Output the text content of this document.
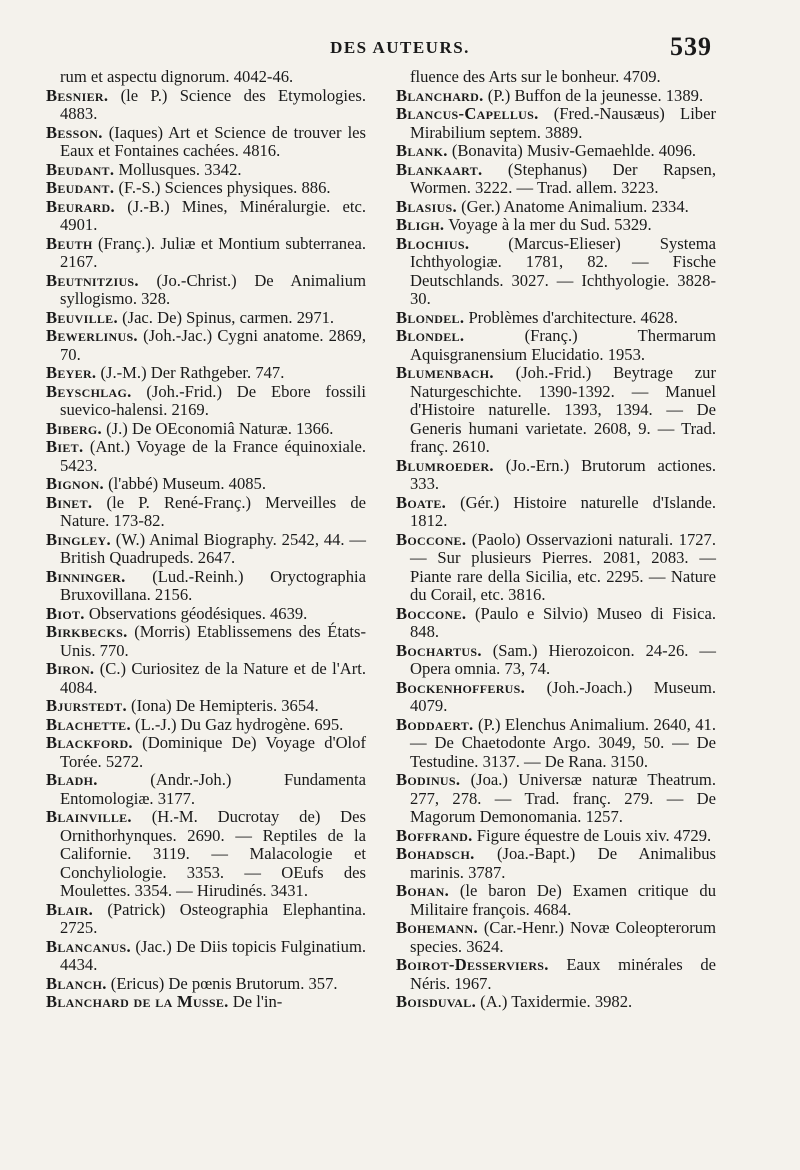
DES AUTEURS.	539
rum et aspectu dignorum. 4042-46.
Besnier. (le P.) Science des Etymologies. 4883.
Besson. (Iaques) Art et Science de trouver les Eaux et Fontaines cachées. 4816.
Beudant. Mollusques. 3342.
Beudant. (F.-S.) Sciences physiques. 886.
Beurard. (J.-B.) Mines, Minéralurgie. etc. 4901.
Beuth (Franç.). Juliæ et Montium subterranea. 2167.
Beutnitzius. (Jo.-Christ.) De Animalium syllogismo. 328.
Beuville. (Jac. De) Spinus, carmen. 2971.
Bewerlinus. (Joh.-Jac.) Cygni anatome. 2869, 70.
Beyer. (J.-M.) Der Rathgeber. 747.
Beyschlag. (Joh.-Frid.) De Ebore fossili suevico-halensi. 2169.
Biberg. (J.) De OEconomiâ Naturæ. 1366.
Biet. (Ant.) Voyage de la France équinoxiale. 5423.
Bignon. (l'abbé) Museum. 4085.
Binet. (le P. René-Franç.) Merveilles de Nature. 173-82.
Bingley. (W.) Animal Biography. 2542, 44. — British Quadrupeds. 2647.
Binninger. (Lud.-Reinh.) Oryctographia Bruxovillana. 2156.
Biot. Observations géodésiques. 4639.
Birkbecks. (Morris) Etablissemens des États-Unis. 770.
Biron. (C.) Curiositez de la Nature et de l'Art. 4084.
Bjurstedt. (Iona) De Hemipteris. 3654.
Blachette. (L.-J.) Du Gaz hydrogène. 695.
Blackford. (Dominique De) Voyage d'Olof Torée. 5272.
Bladh. (Andr.-Joh.) Fundamenta Entomologiæ. 3177.
Blainville. (H.-M. Ducrotay de) Des Ornithorhynques. 2690. — Reptiles de la Californie. 3119. — Malacologie et Conchyliologie. 3353. — OEufs des Moulettes. 3354. — Hirudinés. 3431.
Blair. (Patrick) Osteographia Elephantina. 2725.
Blancanus. (Jac.) De Diis topicis Fulginatium. 4434.
Blanch. (Ericus) De pœnis Brutorum. 357.
Blanchard de la Musse. De l'in-
fluence des Arts sur le bonheur. 4709.
Blanchard. (P.) Buffon de la jeunesse. 1389.
Blancus-Capellus. (Fred.-Nausæus) Liber Mirabilium septem. 3889.
Blank. (Bonavita) Musiv-Gemaehlde. 4096.
Blankaart. (Stephanus) Der Rapsen, Wormen. 3222. — Trad. allem. 3223.
Blasius. (Ger.) Anatome Animalium. 2334.
Bligh. Voyage à la mer du Sud. 5329.
Blochius. (Marcus-Elieser) Systema Ichthyologiæ. 1781, 82. — Fische Deutschlands. 3027. — Ichthyologie. 3828-30.
Blondel. Problèmes d'architecture. 4628.
Blondel. (Franç.) Thermarum Aquisgranensium Elucidatio. 1953.
Blumenbach. (Joh.-Frid.) Beytrage zur Naturgeschichte. 1390-1392. — Manuel d'Histoire naturelle. 1393, 1394. — De Generis humani varietate. 2608, 9. — Trad. franç. 2610.
Blumroeder. (Jo.-Ern.) Brutorum actiones. 333.
Boate. (Gér.) Histoire naturelle d'Islande. 1812.
Boccone. (Paolo) Osservazioni naturali. 1727. — Sur plusieurs Pierres. 2081, 2083. — Piante rare della Sicilia, etc. 2295. — Nature du Corail, etc. 3816.
Boccone. (Paulo e Silvio) Museo di Fisica. 848.
Bochartus. (Sam.) Hierozoicon. 24-26. — Opera omnia. 73, 74.
Bockenhofferus. (Joh.-Joach.) Museum. 4079.
Boddaert. (P.) Elenchus Animalium. 2640, 41. — De Chaetodonte Argo. 3049, 50. — De Testudine. 3137. — De Rana. 3150.
Bodinus. (Joa.) Universæ naturæ Theatrum. 277, 278. — Trad. franç. 279. — De Magorum Demonomania. 1257.
Boffrand. Figure équestre de Louis xiv. 4729.
Bohadsch. (Joa.-Bapt.) De Animalibus marinis. 3787.
Bohan. (le baron De) Examen critique du Militaire françois. 4684.
Bohemann. (Car.-Henr.) Novæ Coleopterorum species. 3624.
Boirot-Desserviers. Eaux minérales de Néris. 1967.
Boisduval. (A.) Taxidermie. 3982.
